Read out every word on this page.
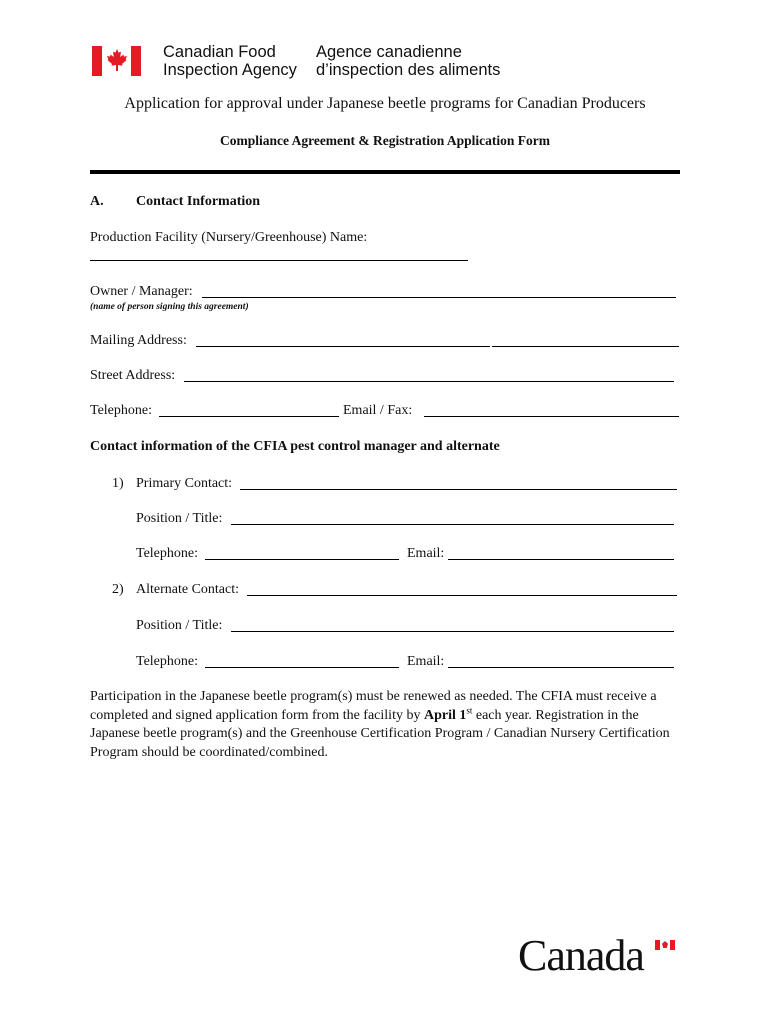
Canadian Food
Inspection Agency
Agence canadienne
d’inspection des aliments
Application for approval under Japanese beetle programs for Canadian Producers
Compliance Agreement & Registration Application Form
A. Contact Information
Production Facility (Nursery/Greenhouse) Name:
Owner / Manager:
(name of person signing this agreement)
Mailing Address:
Street Address:
Telephone:	Email / Fax:
Contact information of the CFIA pest control manager and alternate
1) Primary Contact:
Position / Title:
Telephone:	Email:
2) Alternate Contact:
Position / Title:
Telephone:	Email:
Participation in the Japanese beetle program(s) must be renewed as needed. The CFIA must receive a completed and signed application form from the facility by April 1st each year. Registration in the Japanese beetle program(s) and the Greenhouse Certification Program / Canadian Nursery Certification Program should be coordinated/combined.
Canada
